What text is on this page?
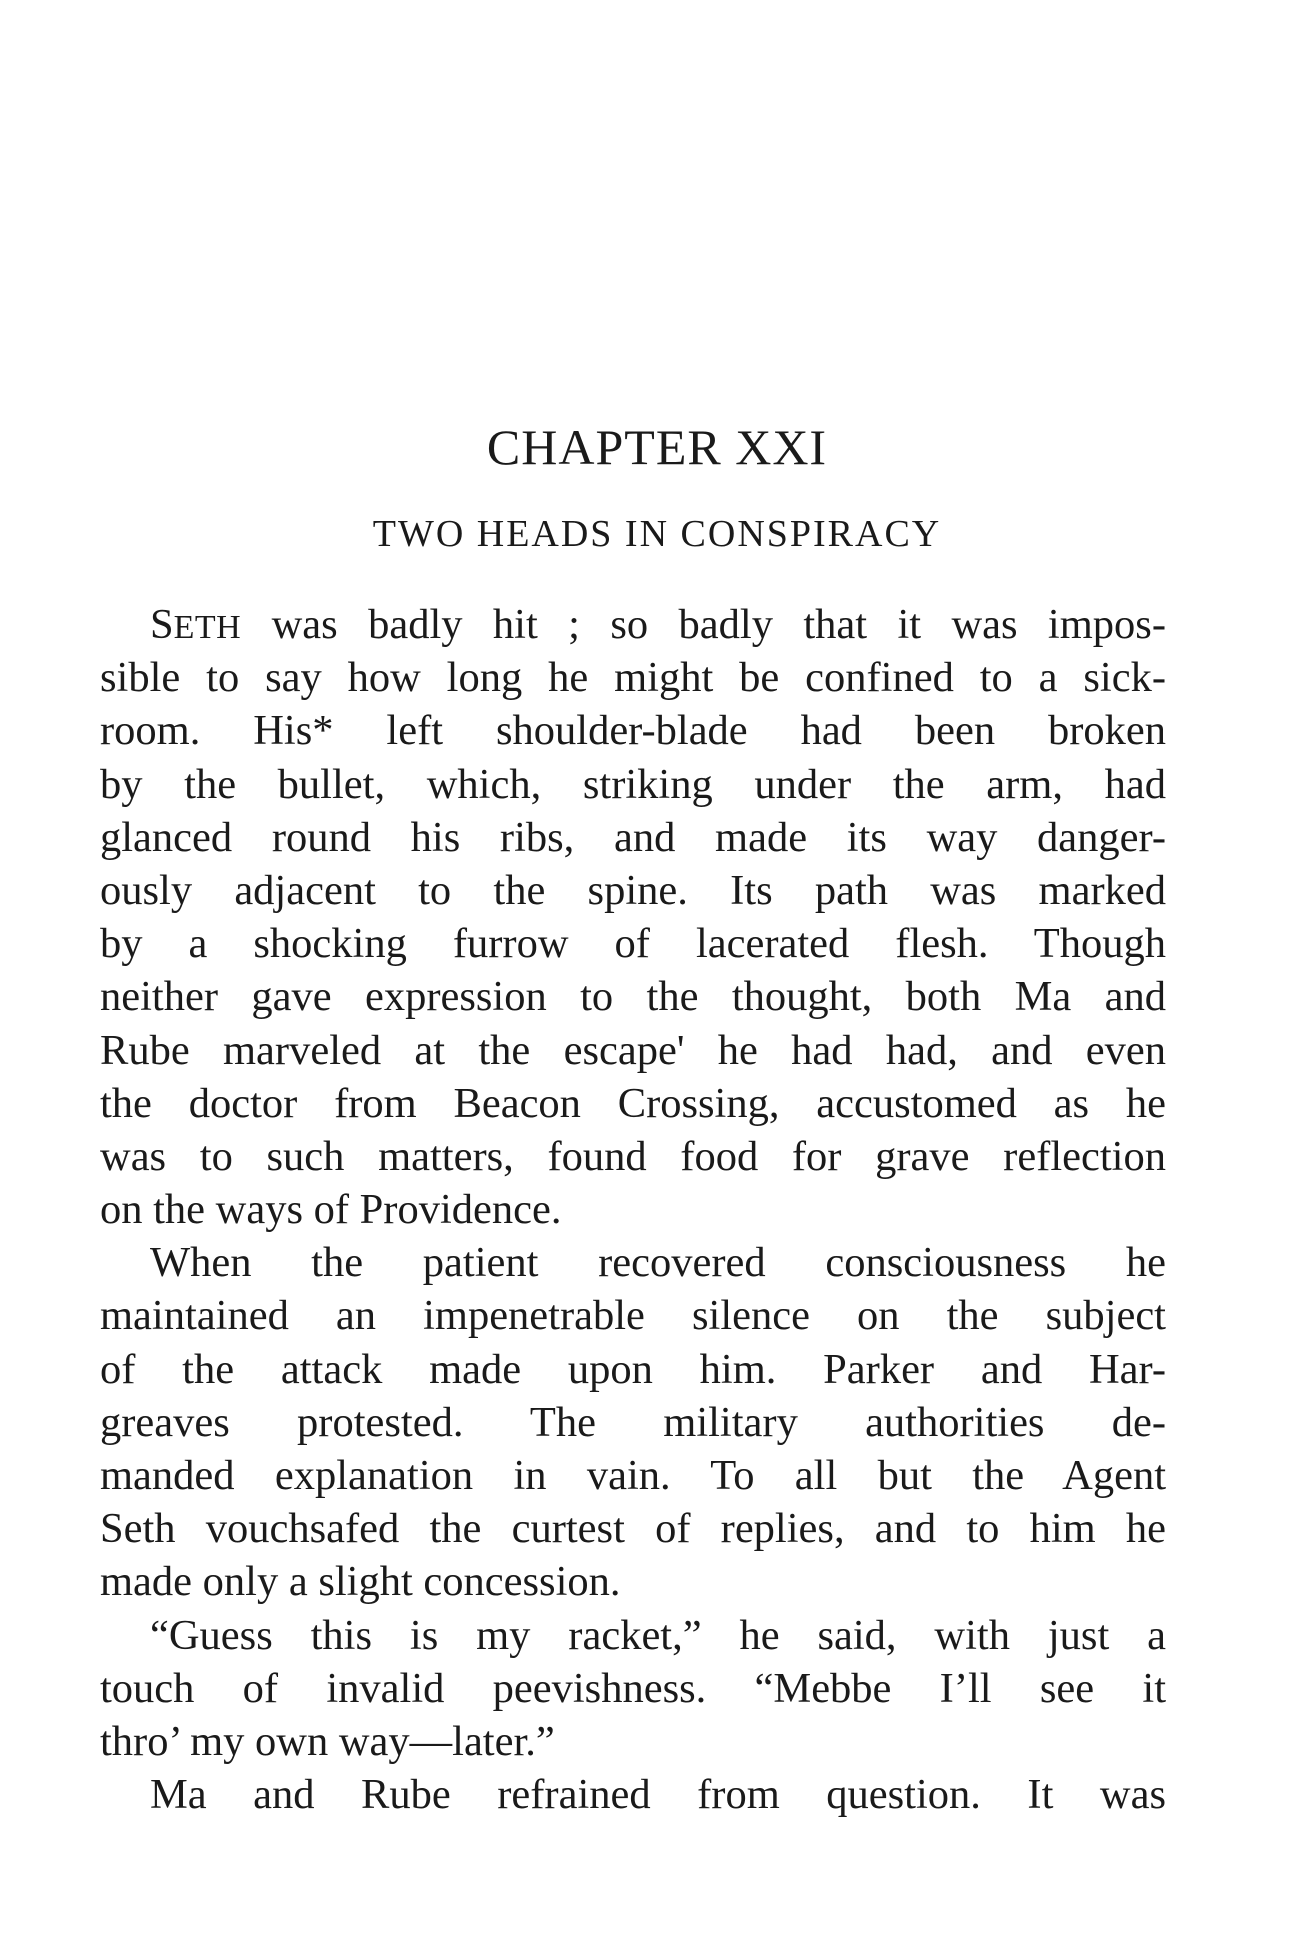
CHAPTER XXI
TWO HEADS IN CONSPIRACY
SETH was badly hit ; so badly that it was impos-
sible to say how long he might be confined to a sick-
room. His* left shoulder-blade had been broken
by the bullet, which, striking under the arm, had
glanced round his ribs, and made its way danger-
ously adjacent to the spine. Its path was marked
by a shocking furrow of lacerated flesh. Though
neither gave expression to the thought, both Ma and
Rube marveled at the escape' he had had, and even
the doctor from Beacon Crossing, accustomed as he
was to such matters, found food for grave reflection
on the ways of Providence.
When the patient recovered consciousness he
maintained an impenetrable silence on the subject
of the attack made upon him. Parker and Har-
greaves protested. The military authorities de-
manded explanation in vain. To all but the Agent
Seth vouchsafed the curtest of replies, and to him he
made only a slight concession.
“Guess this is my racket,” he said, with just a
touch of invalid peevishness. “Mebbe I’ll see it
thro’ my own way—later.”
Ma and Rube refrained from question. It was
